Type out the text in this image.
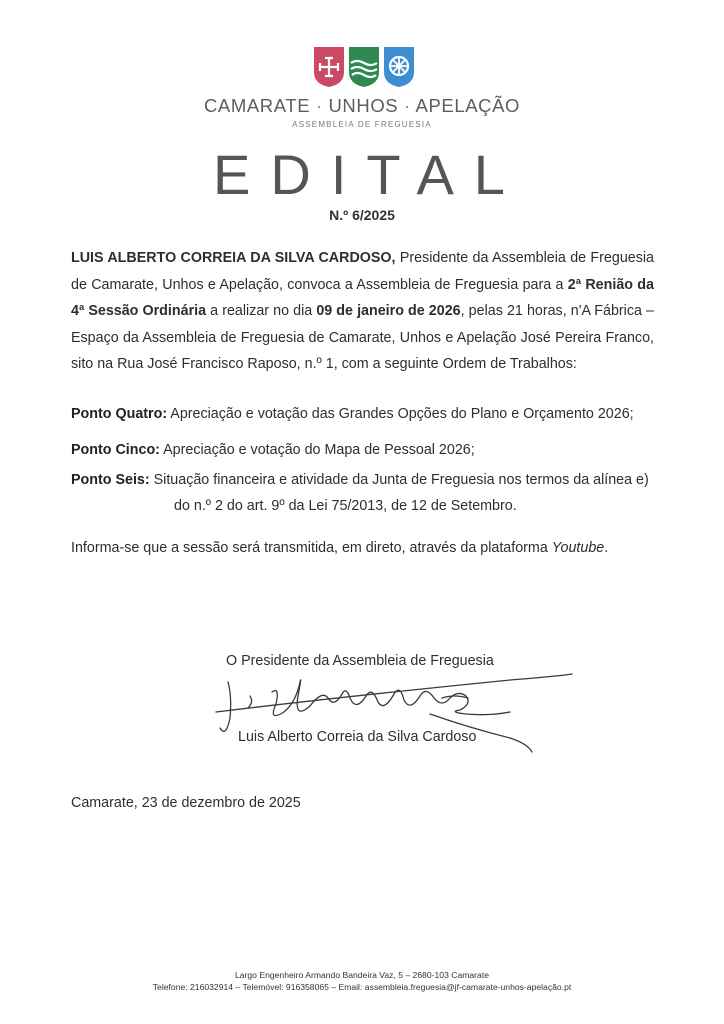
CAMARATE · UNHOS · APELAÇÃO
ASSEMBLEIA DE FREGUESIA
EDITAL
N.º 6/2025

LUIS ALBERTO CORREIA DA SILVA CARDOSO, Presidente da Assembleia de Freguesia de Camarate, Unhos e Apelação, convoca a Assembleia de Freguesia para a 2ª Renião da 4ª Sessão Ordinária a realizar no dia 09 de janeiro de 2026, pelas 21 horas, n'A Fábrica – Espaço da Assembleia de Freguesia de Camarate, Unhos e Apelação José Pereira Franco, sito na Rua José Francisco Raposo, n.º 1, com a seguinte Ordem de Trabalhos:

Ponto Quatro: Apreciação e votação das Grandes Opções do Plano e Orçamento 2026;
Ponto Cinco: Apreciação e votação do Mapa de Pessoal 2026;
Ponto Seis: Situação financeira e atividade da Junta de Freguesia nos termos da alínea e)
do n.º 2 do art. 9º da Lei 75/2013, de 12 de Setembro.
Informa-se que a sessão será transmitida, em direto, através da plataforma Youtube.
O Presidente da Assembleia de Freguesia
Luis Alberto Correia da Silva Cardoso
Camarate, 23 de dezembro de 2025
Largo Engenheiro Armando Bandeira Vaz, 5 – 2680-103 Camarate
Telefone: 216032914 – Telemóvel: 916358065 – Email: assembleia.freguesia@jf-camarate-unhos-apelação.pt
